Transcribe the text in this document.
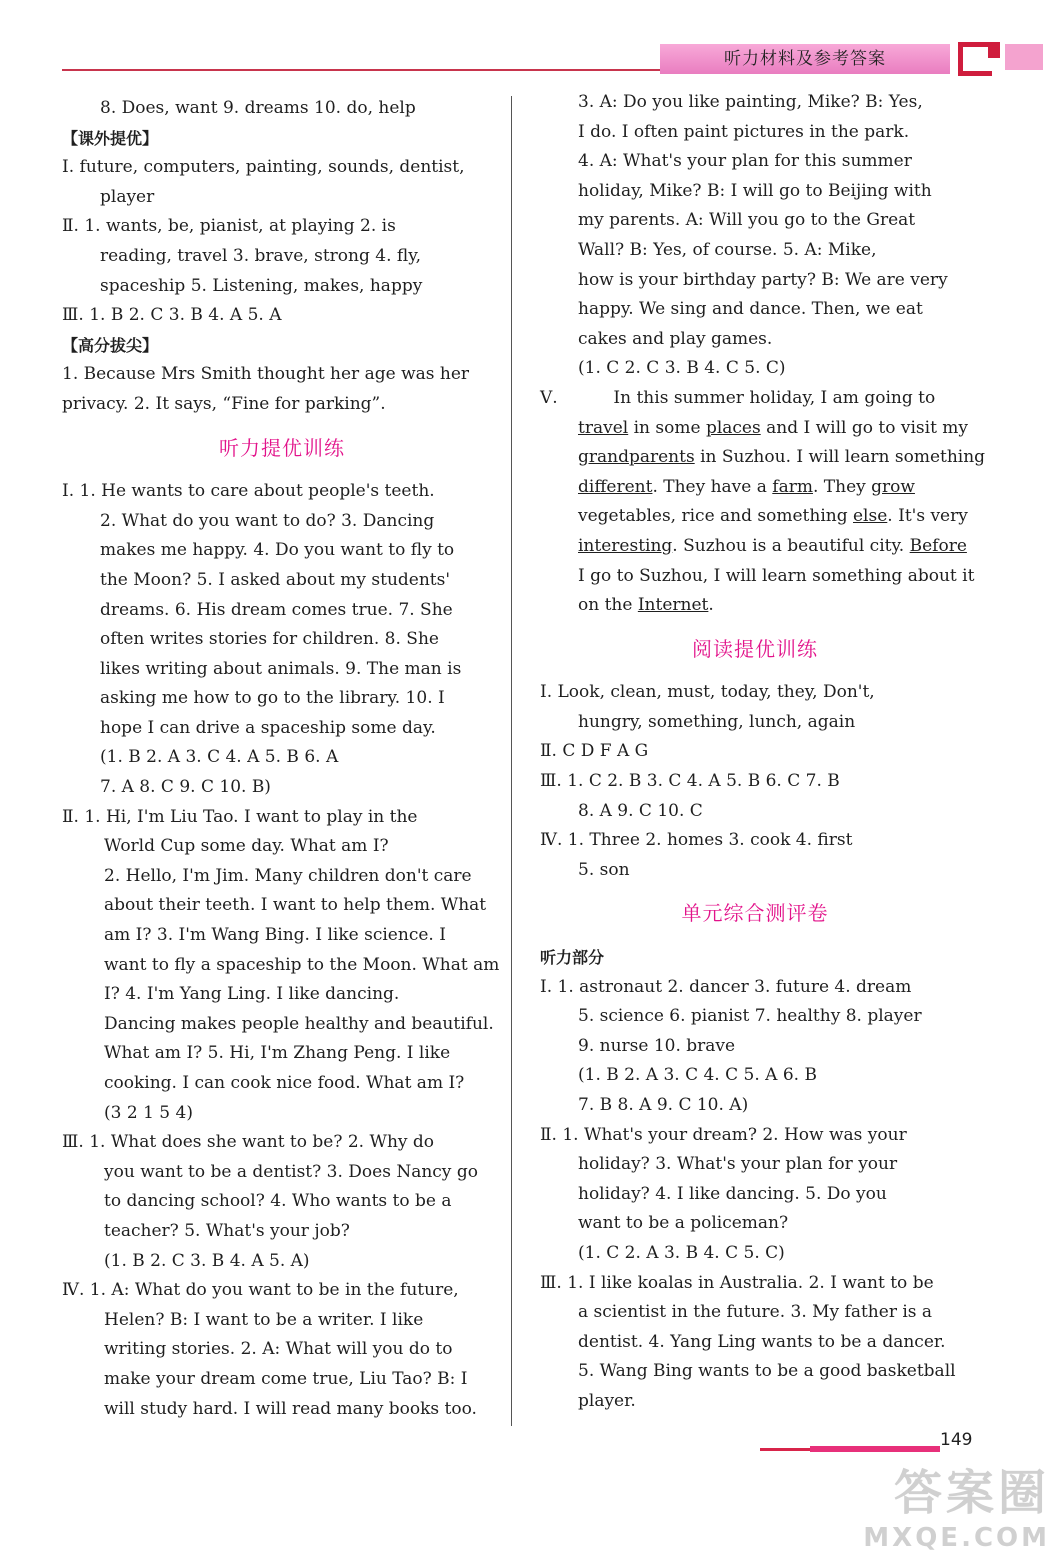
听力材料及参考答案
8. Does, want 9. dreams 10. do, help
【课外提优】
Ⅰ. future, computers, painting, sounds, dentist,
player
Ⅱ. 1. wants, be, pianist, at playing 2. is
reading, travel 3. brave, strong 4. fly,
spaceship 5. Listening, makes, happy
Ⅲ. 1. B 2. C 3. B 4. A 5. A
【高分拔尖】
1. Because Mrs Smith thought her age was her
privacy. 2. It says, “Fine for parking”.
听力提优训练
Ⅰ. 1. He wants to care about people's teeth.
2. What do you want to do? 3. Dancing
makes me happy. 4. Do you want to fly to
the Moon? 5. I asked about my students'
dreams. 6. His dream comes true. 7. She
often writes stories for children. 8. She
likes writing about animals. 9. The man is
asking me how to go to the library. 10. I
hope I can drive a spaceship some day.
(1. B 2. A 3. C 4. A 5. B 6. A
7. A 8. C 9. C 10. B)
Ⅱ. 1. Hi, I'm Liu Tao. I want to play in the
World Cup some day. What am I?
2. Hello, I'm Jim. Many children don't care
about their teeth. I want to help them. What
am I? 3. I'm Wang Bing. I like science. I
want to fly a spaceship to the Moon. What am
I? 4. I'm Yang Ling. I like dancing.
Dancing makes people healthy and beautiful.
What am I? 5. Hi, I'm Zhang Peng. I like
cooking. I can cook nice food. What am I?
(3 2 1 5 4)
Ⅲ. 1. What does she want to be? 2. Why do
you want to be a dentist? 3. Does Nancy go
to dancing school? 4. Who wants to be a
teacher? 5. What's your job?
(1. B 2. C 3. B 4. A 5. A)
Ⅳ. 1. A: What do you want to be in the future,
Helen? B: I want to be a writer. I like
writing stories. 2. A: What will you do to
make your dream come true, Liu Tao? B: I
will study hard. I will read many books too.
3. A: Do you like painting, Mike? B: Yes,
I do. I often paint pictures in the park.
4. A: What's your plan for this summer
holiday, Mike? B: I will go to Beijing with
my parents. A: Will you go to the Great
Wall? B: Yes, of course. 5. A: Mike,
how is your birthday party? B: We are very
happy. We sing and dance. Then, we eat
cakes and play games.
(1. C 2. C 3. B 4. C 5. C)
Ⅴ.	In this summer holiday, I am going to
travel in some places and I will go to visit my
grandparents in Suzhou. I will learn something
different. They have a farm. They grow
vegetables, rice and something else. It's very
interesting. Suzhou is a beautiful city. Before
I go to Suzhou, I will learn something about it
on the Internet.
阅读提优训练
Ⅰ. Look, clean, must, today, they, Don't,
hungry, something, lunch, again
Ⅱ. C D F A G
Ⅲ. 1. C 2. B 3. C 4. A 5. B 6. C 7. B
8. A 9. C 10. C
Ⅳ. 1. Three 2. homes 3. cook 4. first
5. son
单元综合测评卷
听力部分
Ⅰ. 1. astronaut 2. dancer 3. future 4. dream
5. science 6. pianist 7. healthy 8. player
9. nurse 10. brave
(1. B 2. A 3. C 4. C 5. A 6. B
7. B 8. A 9. C 10. A)
Ⅱ. 1. What's your dream? 2. How was your
holiday? 3. What's your plan for your
holiday? 4. I like dancing. 5. Do you
want to be a policeman?
(1. C 2. A 3. B 4. C 5. C)
Ⅲ. 1. I like koalas in Australia. 2. I want to be
a scientist in the future. 3. My father is a
dentist. 4. Yang Ling wants to be a dancer.
5. Wang Bing wants to be a good basketball
player.
149
答案圈
MXQE.COM
